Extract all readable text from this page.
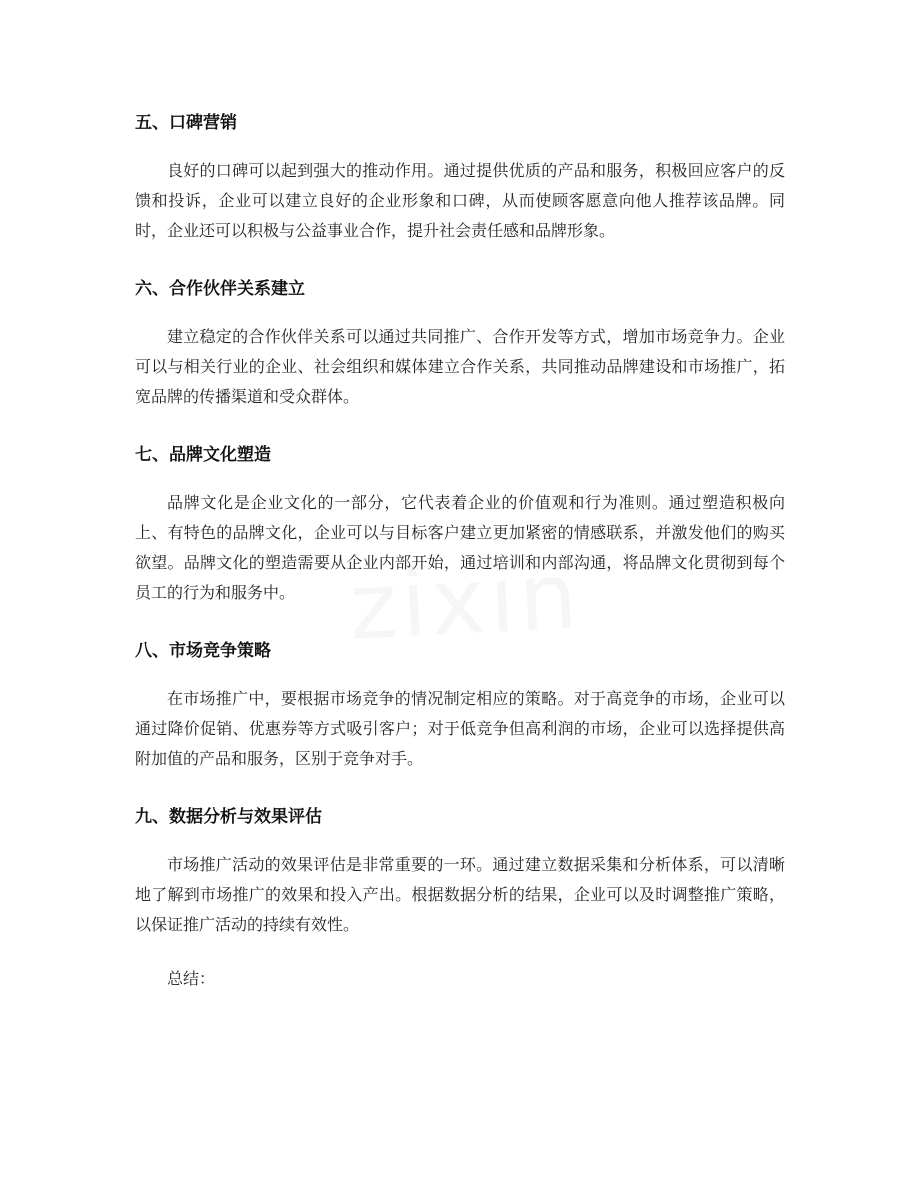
五、口碑营销

良好的口碑可以起到强大的推动作用。通过提供优质的产品和服务，积极回应客户的反馈和投诉，企业可以建立良好的企业形象和口碑，从而使顾客愿意向他人推荐该品牌。同时，企业还可以积极与公益事业合作，提升社会责任感和品牌形象。

六、合作伙伴关系建立

建立稳定的合作伙伴关系可以通过共同推广、合作开发等方式，增加市场竞争力。企业可以与相关行业的企业、社会组织和媒体建立合作关系，共同推动品牌建设和市场推广，拓宽品牌的传播渠道和受众群体。

七、品牌文化塑造

品牌文化是企业文化的一部分，它代表着企业的价值观和行为准则。通过塑造积极向上、有特色的品牌文化，企业可以与目标客户建立更加紧密的情感联系，并激发他们的购买欲望。品牌文化的塑造需要从企业内部开始，通过培训和内部沟通，将品牌文化贯彻到每个员工的行为和服务中。

八、市场竞争策略

在市场推广中，要根据市场竞争的情况制定相应的策略。对于高竞争的市场，企业可以通过降价促销、优惠券等方式吸引客户；对于低竞争但高利润的市场，企业可以选择提供高附加值的产品和服务，区别于竞争对手。

九、数据分析与效果评估

市场推广活动的效果评估是非常重要的一环。通过建立数据采集和分析体系，可以清晰地了解到市场推广的效果和投入产出。根据数据分析的结果，企业可以及时调整推广策略，以保证推广活动的持续有效性。

总结：
